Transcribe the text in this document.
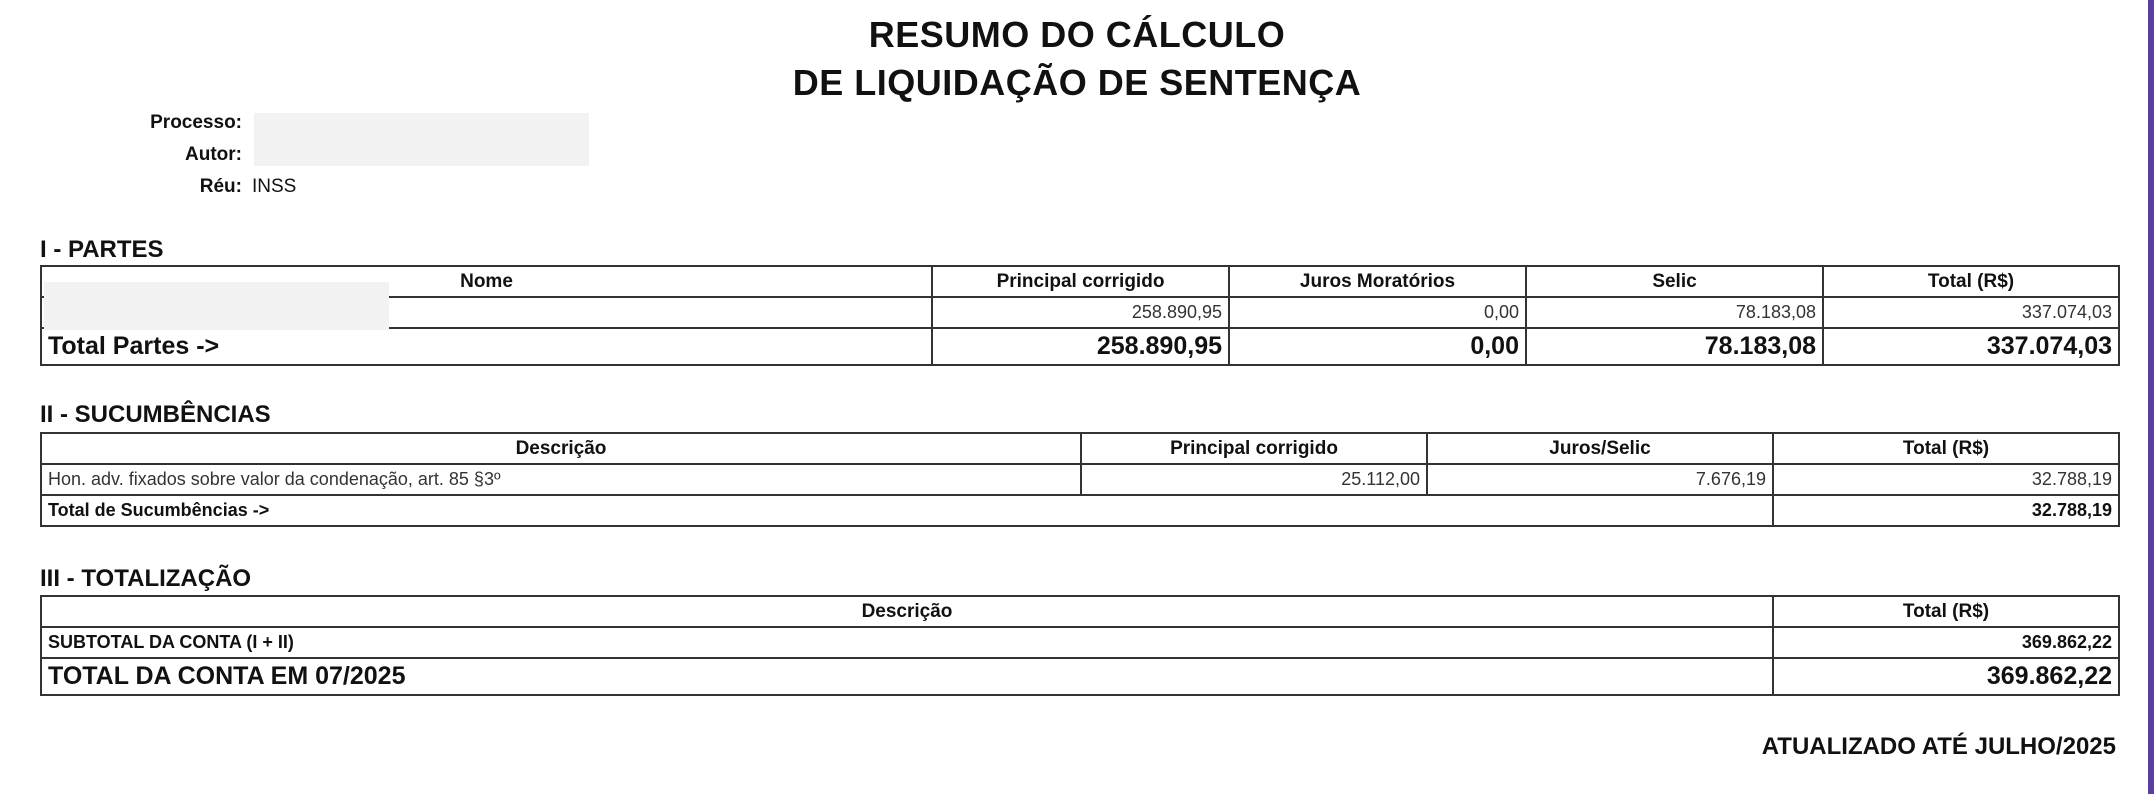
RESUMO DO CÁLCULO
DE LIQUIDAÇÃO DE SENTENÇA
Processo:
Autor:
Réu: INSS
I - PARTES
Nome	Principal corrigido	Juros Moratórios	Selic	Total (R$)
	258.890,95	0,00	78.183,08	337.074,03
Total Partes ->	258.890,95	0,00	78.183,08	337.074,03
II - SUCUMBÊNCIAS
Descrição	Principal corrigido	Juros/Selic	Total (R$)
Hon. adv. fixados sobre valor da condenação, art. 85 §3º	25.112,00	7.676,19	32.788,19
Total de Sucumbências ->			32.788,19
III - TOTALIZAÇÃO
Descrição	Total (R$)
SUBTOTAL DA CONTA (I + II)	369.862,22
TOTAL DA CONTA EM 07/2025	369.862,22
ATUALIZADO ATÉ JULHO/2025
